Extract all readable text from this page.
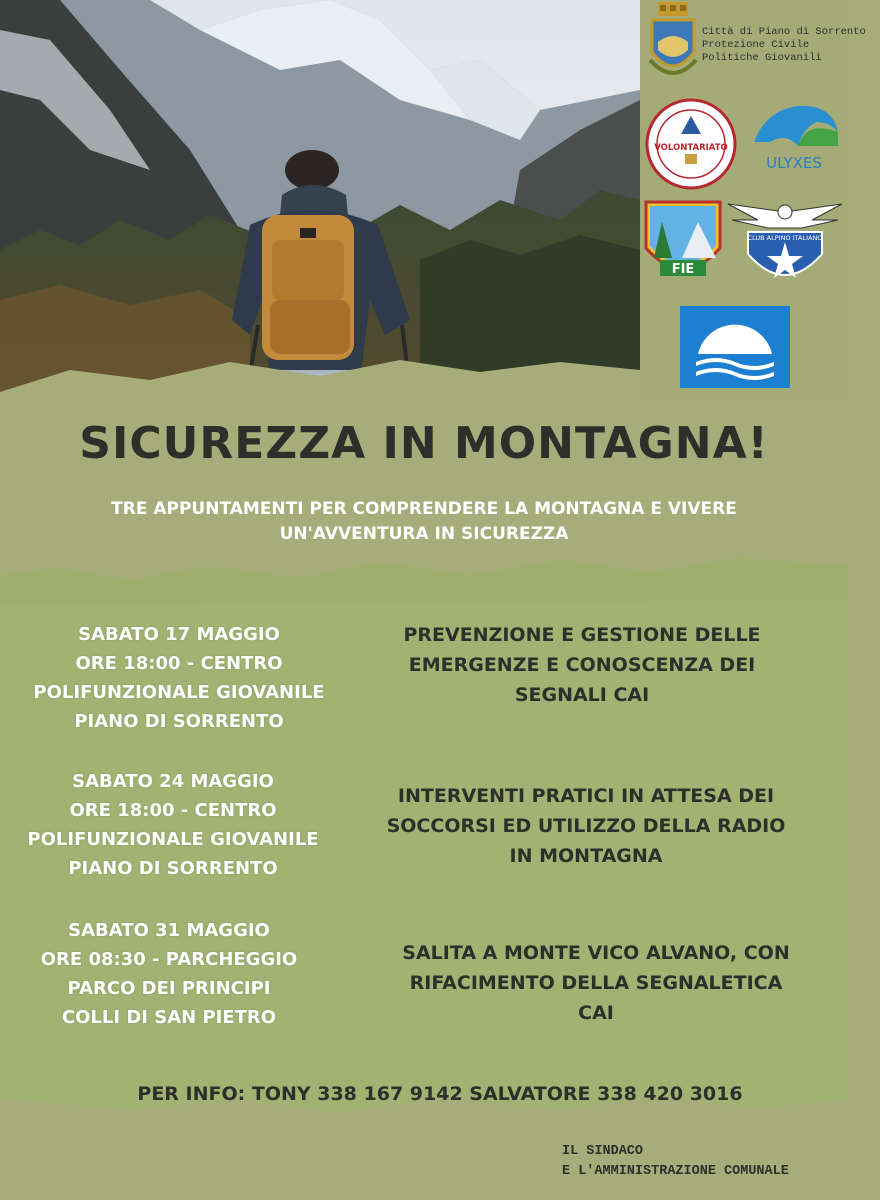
Città di Piano di Sorrento
Protezione Civile
Politiche Giovanili
VOLONTARIATO
ULYXES
FIE
CLUB ALPINO ITALIANO
SICUREZZA IN MONTAGNA!
TRE APPUNTAMENTI PER COMPRENDERE LA MONTAGNA E VIVERE
UN'AVVENTURA IN SICUREZZA
SABATO 17 MAGGIO
ORE 18:00 - CENTRO
POLIFUNZIONALE GIOVANILE
PIANO DI SORRENTO
PREVENZIONE E GESTIONE DELLE
EMERGENZE E CONOSCENZA DEI
SEGNALI CAI
SABATO 24 MAGGIO
ORE 18:00 - CENTRO
POLIFUNZIONALE GIOVANILE
PIANO DI SORRENTO
INTERVENTI PRATICI IN ATTESA DEI
SOCCORSI ED UTILIZZO DELLA RADIO
IN MONTAGNA
SABATO 31 MAGGIO
ORE 08:30 - PARCHEGGIO
PARCO DEI PRINCIPI
COLLI DI SAN PIETRO
SALITA A MONTE VICO ALVANO, CON
RIFACIMENTO DELLA SEGNALETICA
CAI
PER INFO: TONY 338 167 9142 SALVATORE 338 420 3016
IL SINDACO
E L'AMMINISTRAZIONE COMUNALE
